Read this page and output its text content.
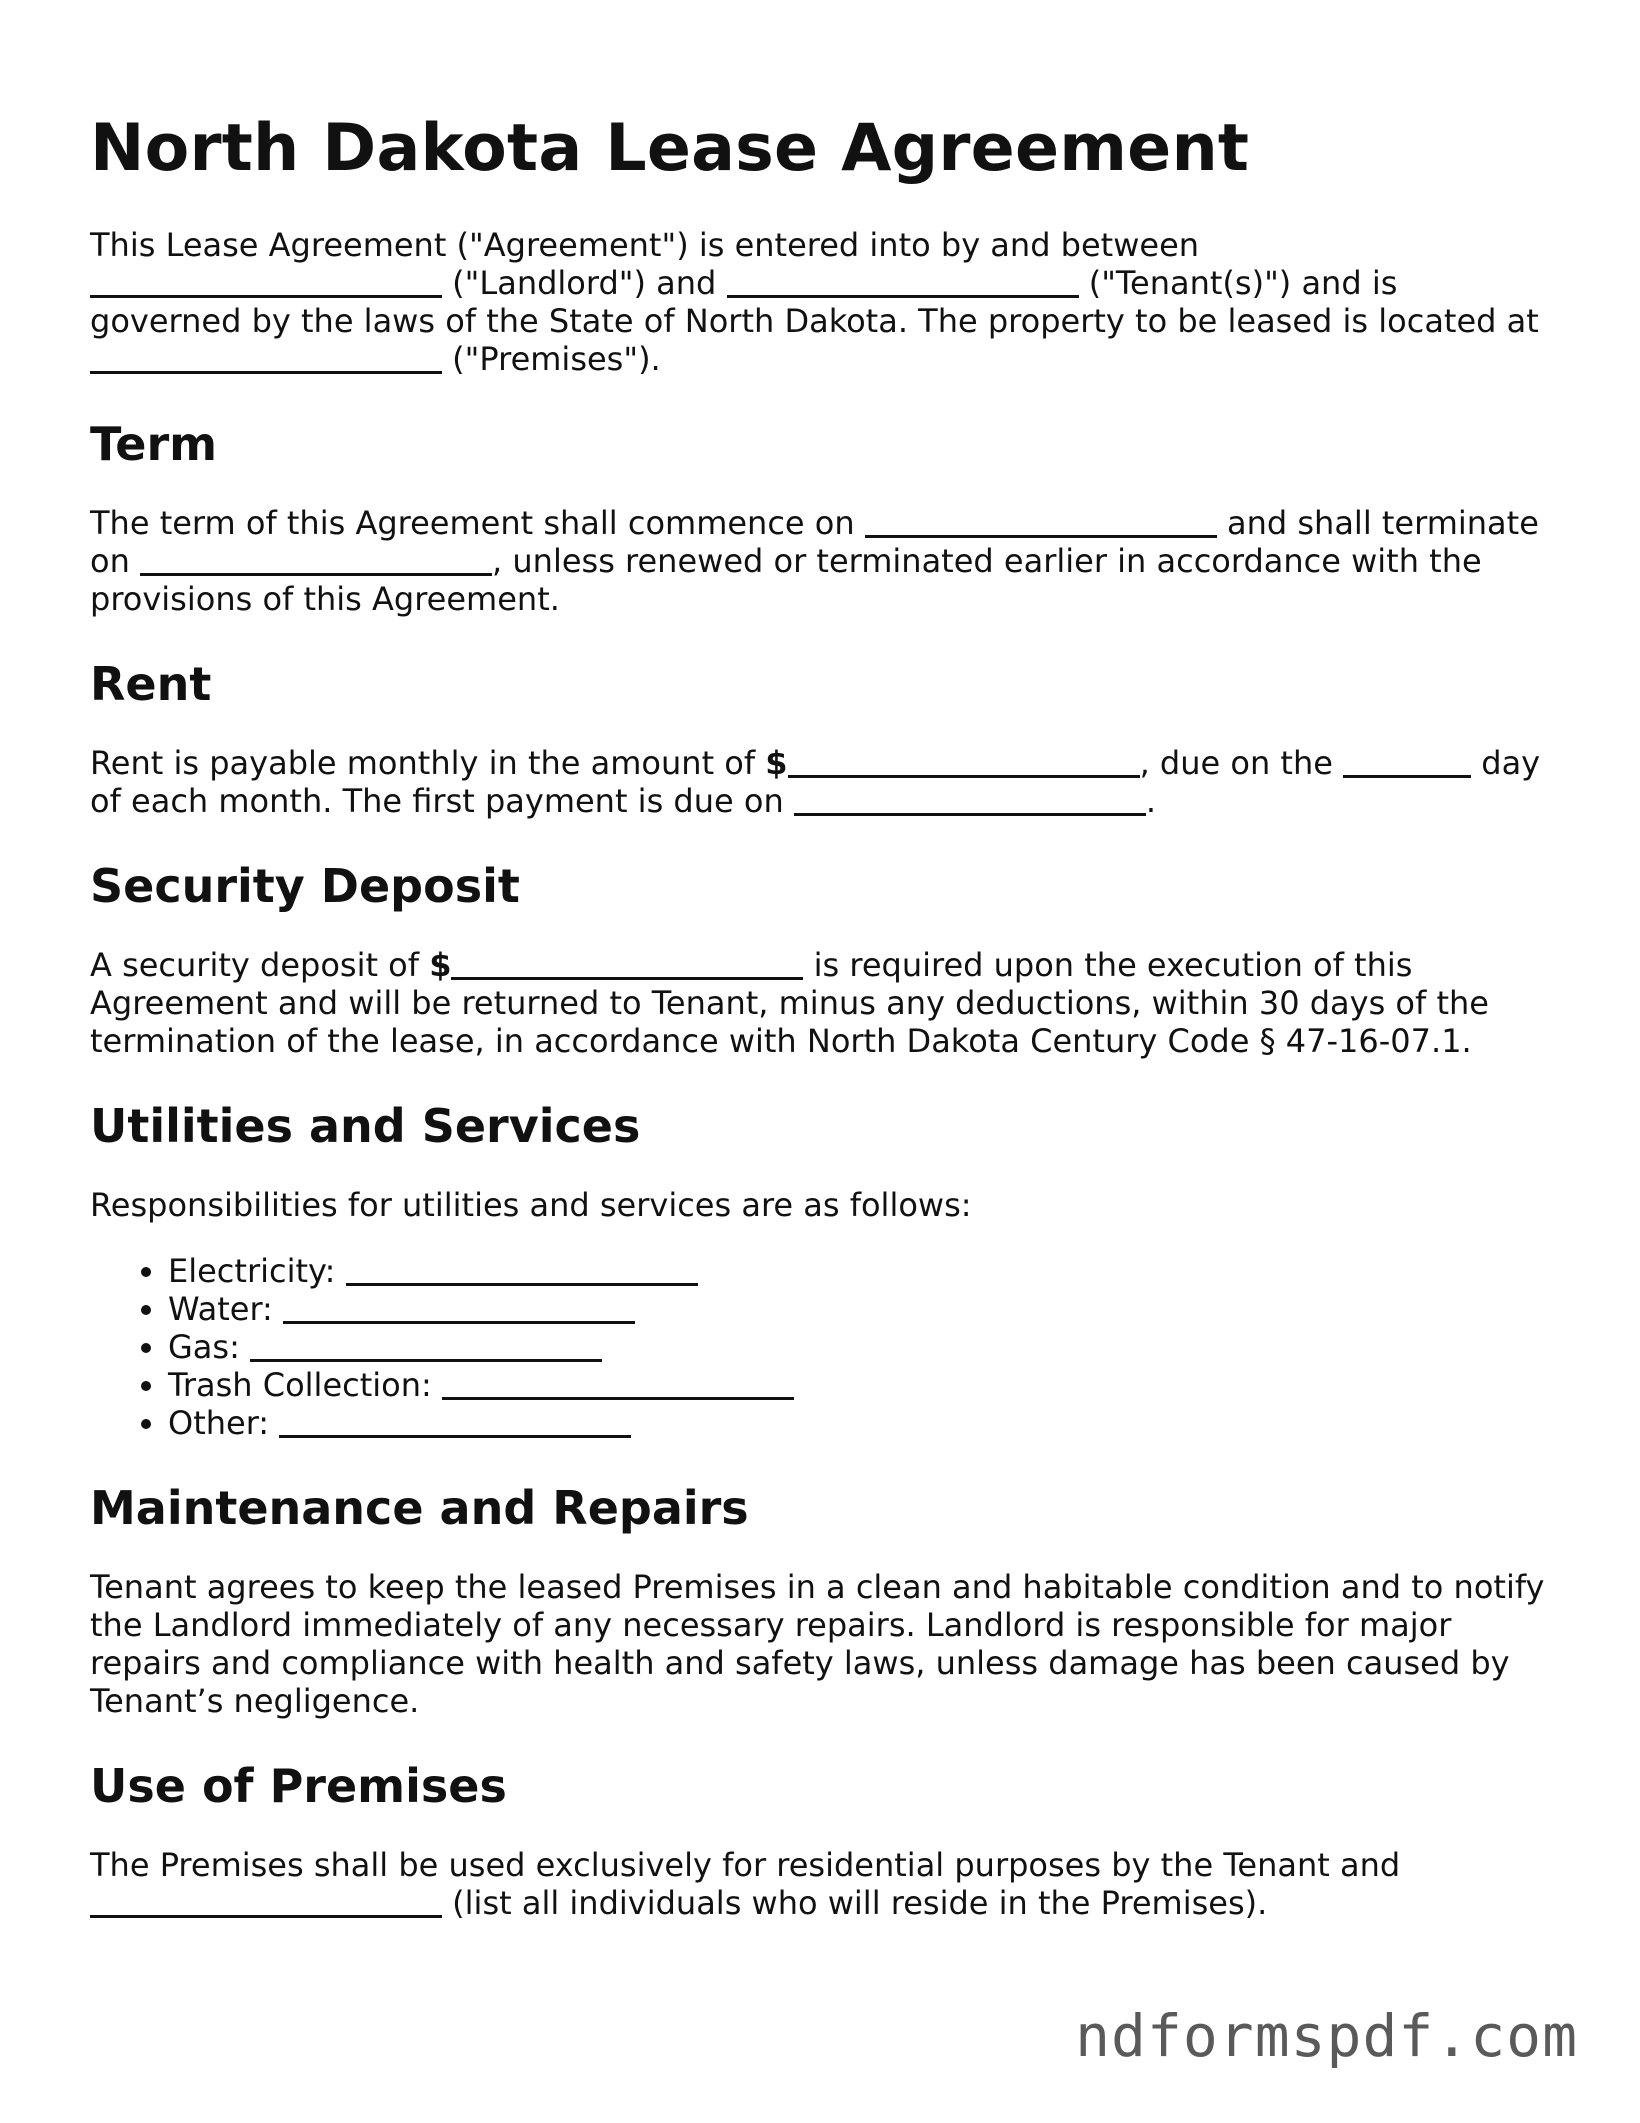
North Dakota Lease Agreement

This Lease Agreement ("Agreement") is entered into by and between  ("Landlord") and	("Tenant(s)") and is governed by the laws of the State of North Dakota. The property to be leased is located at  ("Premises").

Term

The term of this Agreement shall commence on	and shall terminate on	, unless renewed or terminated earlier in accordance with the provisions of this Agreement.

Rent

Rent is payable monthly in the amount of $	, due on the	day of each month. The first payment is due on	.

Security Deposit

A security deposit of $	is required upon the execution of this Agreement and will be returned to Tenant, minus any deductions, within 30 days of the termination of the lease, in accordance with North Dakota Century Code § 47-16-07.1.

Utilities and Services

Responsibilities for utilities and services are as follows:

• Electricity:
• Water:
• Gas:
• Trash Collection:
• Other:
Maintenance and Repairs

Tenant agrees to keep the leased Premises in a clean and habitable condition and to notify the Landlord immediately of any necessary repairs. Landlord is responsible for major repairs and compliance with health and safety laws, unless damage has been caused by Tenant’s negligence.

Use of Premises

The Premises shall be used exclusively for residential purposes by the Tenant and  (list all individuals who will reside in the Premises).

ndformspdf.com
